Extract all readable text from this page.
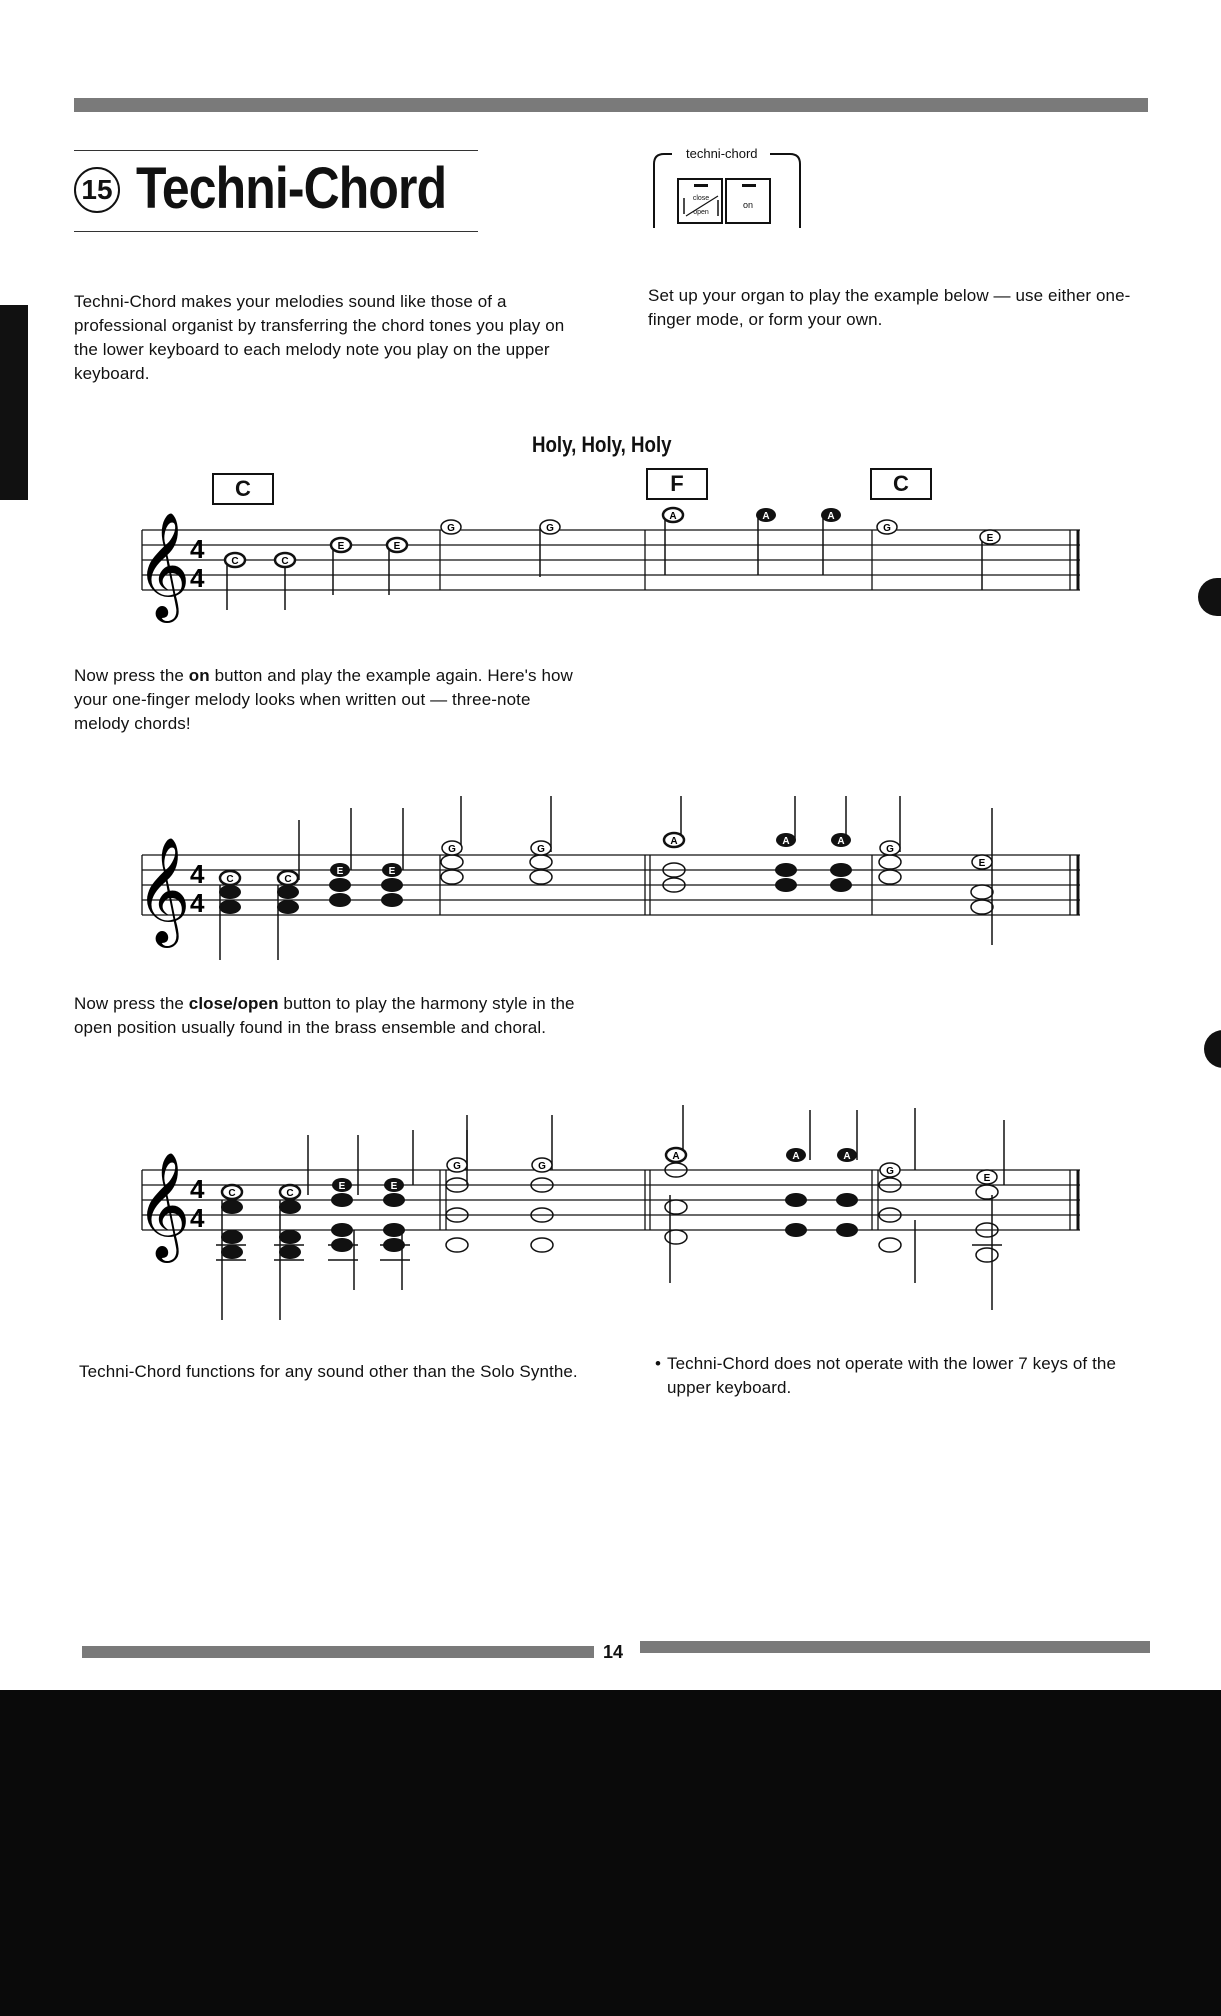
15 Techni-Chord
techni-chord
close open
on
Techni-Chord makes your melodies sound like those of a professional organist by transferring the chord tones you play on the lower keyboard to each melody note you play on the upper keyboard.
Set up your organ to play the example below — use either one-finger mode, or form your own.
Holy, Holy, Holy
C	F	C
𝄞 4
4
C	C
E	E
G	G
A	A	A
G
E
Now press the on button and play the example again. Here's how your one-finger melody looks when written out — three-note melody chords!
𝄞 4
4
C	C
E	E
G	G
A	A	A
G
E
Now press the close/open button to play the harmony style in the open position usually found in the brass ensemble and choral.
𝄞 4
4
C	C
E	E
G	G
A	A	A
G
E
Techni-Chord functions for any sound other than the Solo Synthe.	• Techni-Chord does not operate with the lower 7 keys of the upper keyboard.
14
